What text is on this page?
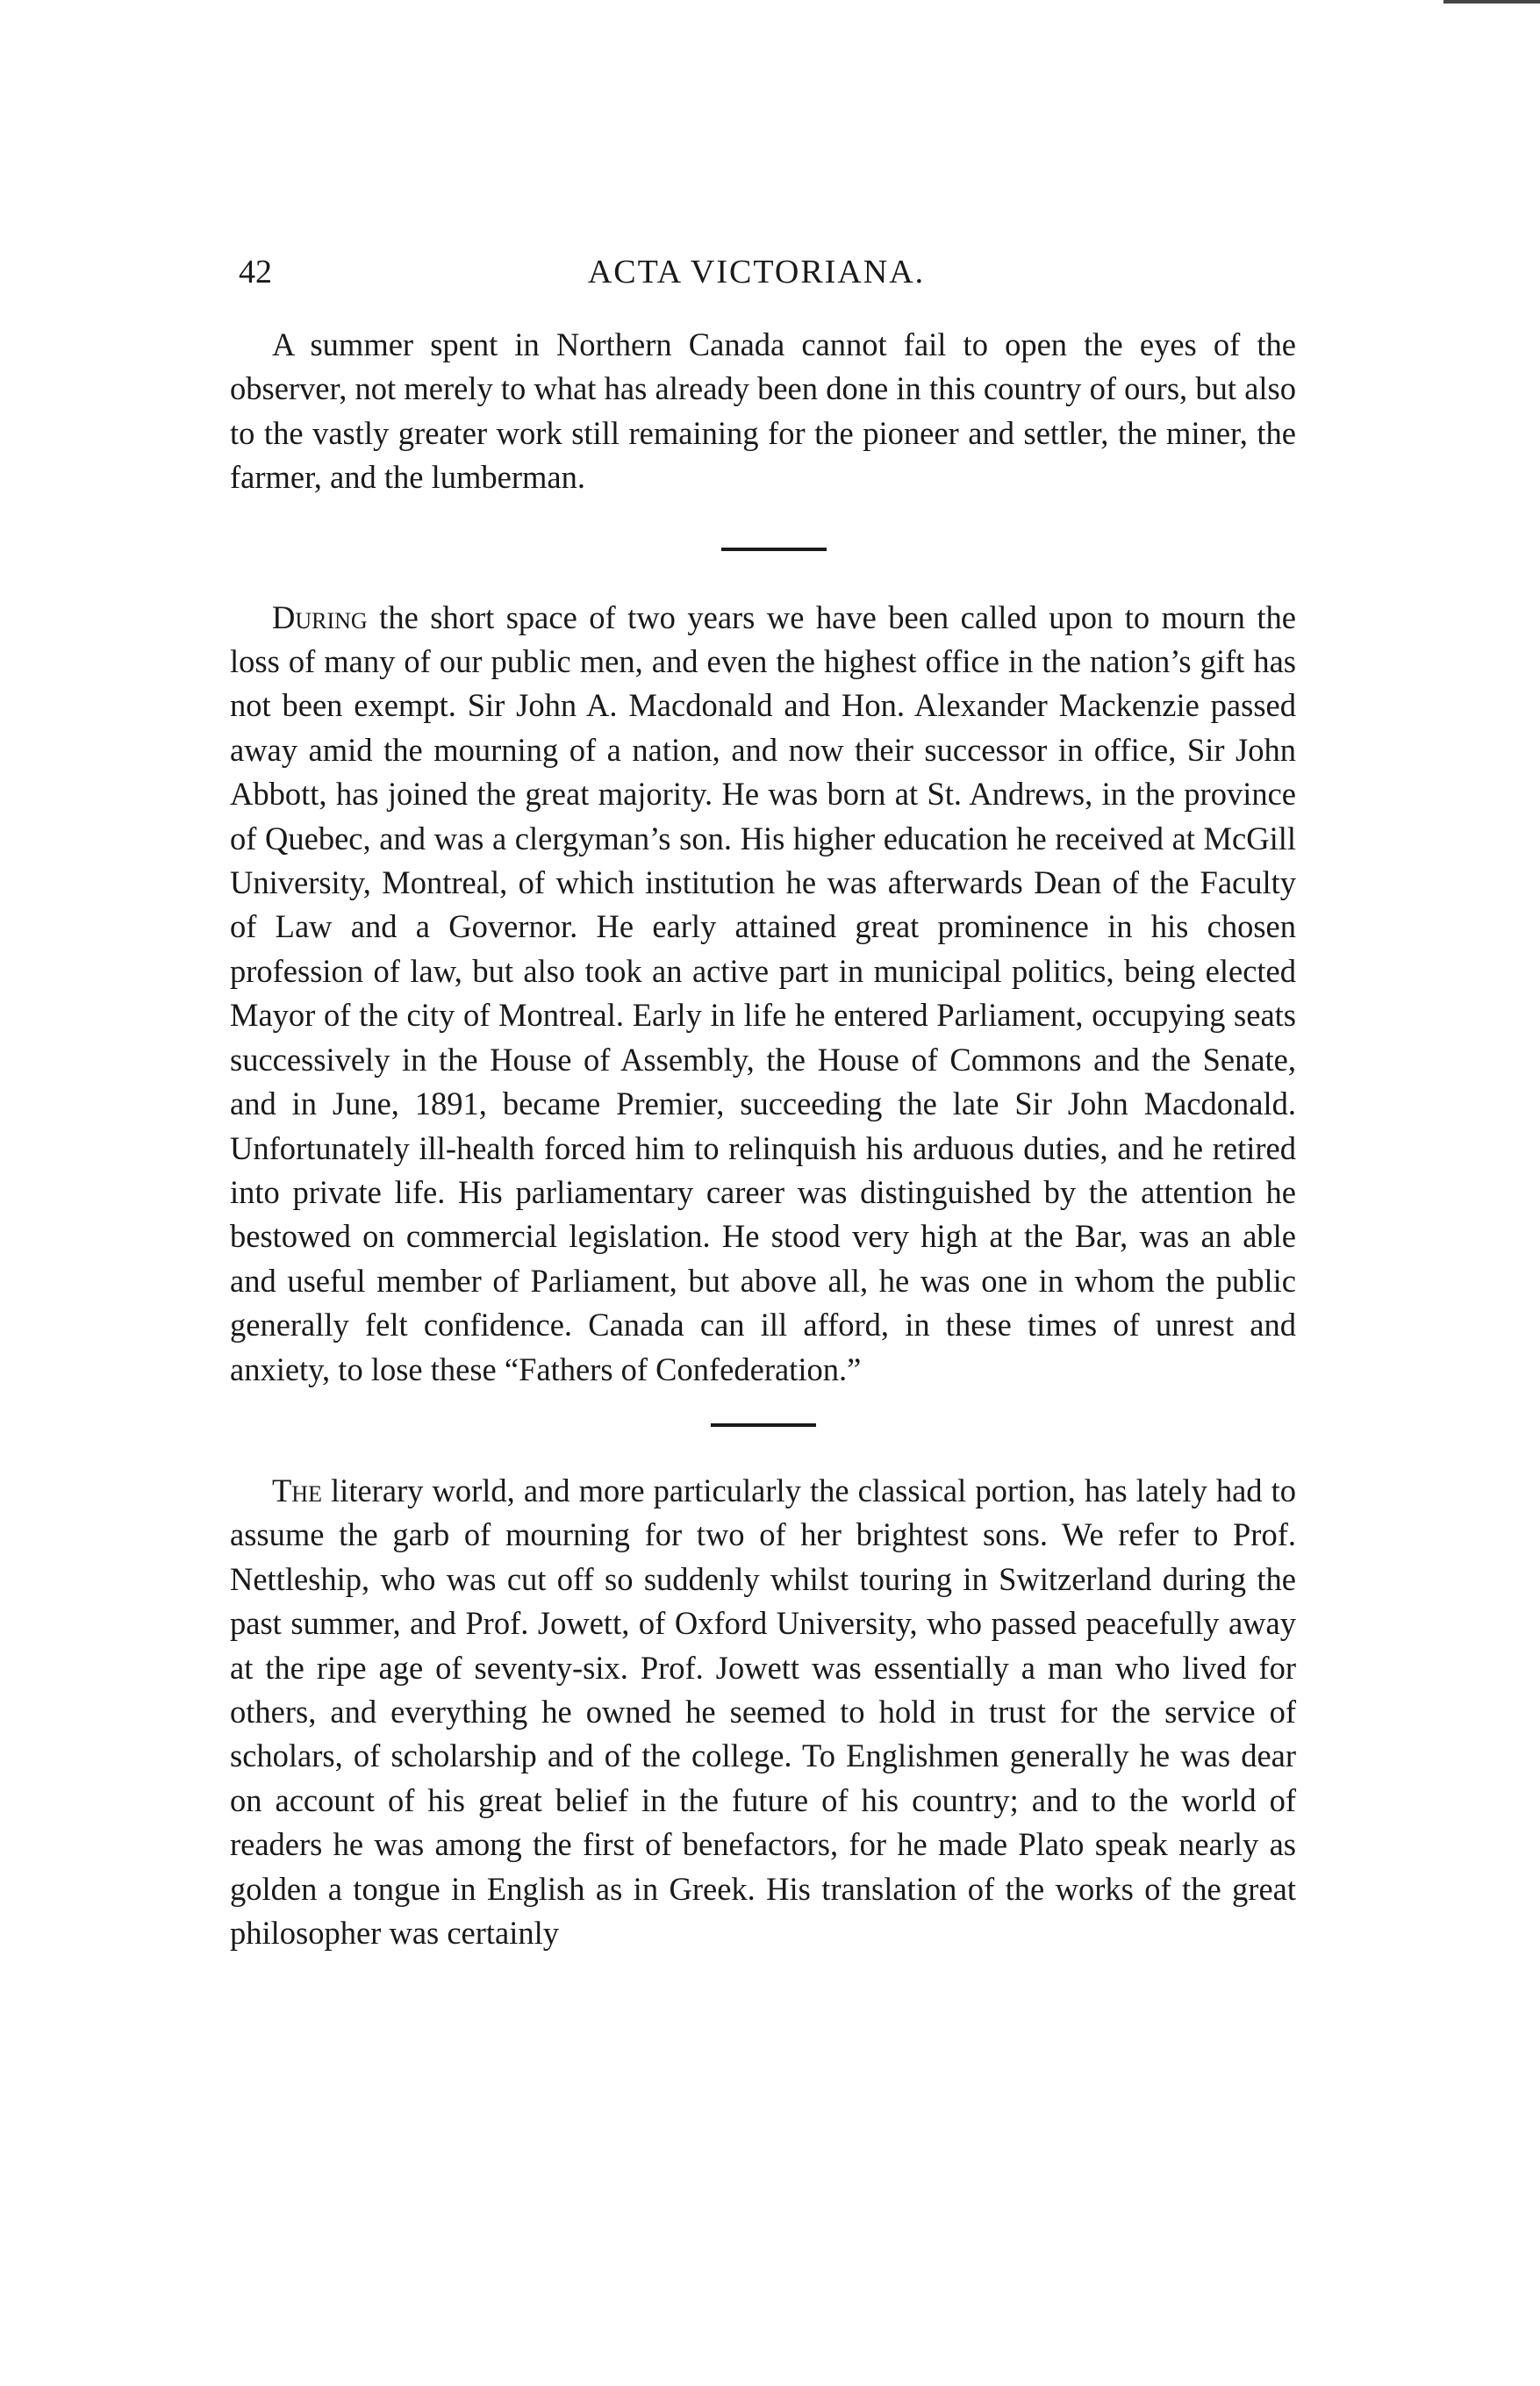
42	ACTA VICTORIANA.

A summer spent in Northern Canada cannot fail to open the eyes of the observer, not merely to what has already been done in this country of ours, but also to the vastly greater work still remaining for the pioneer and settler, the miner, the farmer, and the lumberman.

During the short space of two years we have been called upon to mourn the loss of many of our public men, and even the highest office in the nation’s gift has not been exempt. Sir John A. Macdonald and Hon. Alexander Mackenzie passed away amid the mourning of a nation, and now their successor in office, Sir John Abbott, has joined the great majority. He was born at St. Andrews, in the province of Quebec, and was a clergyman’s son. His higher education he received at McGill University, Montreal, of which institution he was afterwards Dean of the Faculty of Law and a Governor. He early attained great prominence in his chosen profession of law, but also took an active part in municipal politics, being elected Mayor of the city of Montreal. Early in life he entered Parliament, occupying seats successively in the House of Assembly, the House of Commons and the Senate, and in June, 1891, became Premier, succeeding the late Sir John Macdonald. Unfortunately ill-health forced him to relinquish his arduous duties, and he retired into private life. His parliamentary career was distinguished by the attention he bestowed on commercial legislation. He stood very high at the Bar, was an able and useful member of Parliament, but above all, he was one in whom the public generally felt confidence. Canada can ill afford, in these times of unrest and anxiety, to lose these “Fathers of Confederation.”

The literary world, and more particularly the classical portion, has lately had to assume the garb of mourning for two of her brightest sons. We refer to Prof. Nettleship, who was cut off so suddenly whilst touring in Switzerland during the past summer, and Prof. Jowett, of Oxford University, who passed peacefully away at the ripe age of seventy-six. Prof. Jowett was essentially a man who lived for others, and everything he owned he seemed to hold in trust for the service of scholars, of scholarship and of the college. To Englishmen generally he was dear on account of his great belief in the future of his country; and to the world of readers he was among the first of benefactors, for he made Plato speak nearly as golden a tongue in English as in Greek. His translation of the works of the great philosopher was certainly
